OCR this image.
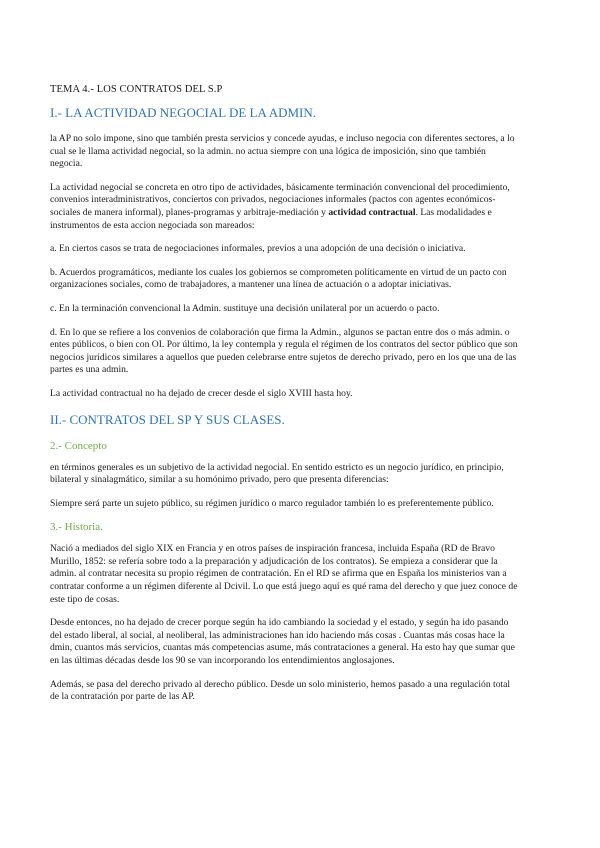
TEMA 4.- LOS CONTRATOS DEL S.P
I.- LA ACTIVIDAD NEGOCIAL DE LA ADMIN.

la AP no solo impone, sino que también presta servicios y concede ayudas, e incluso negocia con diferentes sectores, a lo cual se le llama actividad negocial, so la admin. no actua siempre con una lógica de imposición, sino que también negocia.

La actividad negocial se concreta en otro tipo de actividades, básicamente terminación convencional del procedimiento, convenios interadministrativos, conciertos con privados, negociaciones informales (pactos con agentes económicos-sociales de manera informal), planes-programas y arbitraje-mediación y actividad contractual. Las modalidades e instrumentos de esta accion negociada son mareados:

a. En ciertos casos se trata de negociaciones informales, previos a una adopción de una decisión o iniciativa.

b. Acuerdos programáticos, mediante los cuales los gobiernos se comprometen políticamente en virtud de un pacto con organizaciones sociales, como de trabajadores, a mantener una línea de actuación o a adoptar iniciativas.

c. En la terminación convencional la Admin. sustituye una decisión unilateral por un acuerdo o pacto.

d. En lo que se refiere a los convenios de colaboración que firma la Admin., algunos se pactan entre dos o más admin. o entes públicos, o bien con OI. Por último, la ley contempla y regula el régimen de los contratos del sector público que son negocios jurídicos similares a aquellos que pueden celebrarse entre sujetos de derecho privado, pero en los que una de las partes es una admin.

La actividad contractual no ha dejado de crecer desde el siglo XVIII hasta hoy.

II.- CONTRATOS DEL SP Y SUS CLASES.
2.- Concepto

en términos generales es un subjetivo de la actividad negocial. En sentido estricto es un negocio jurídico, en principio, bilateral y sinalagmático, similar a su homónimo privado, pero que presenta diferencias:

Siempre será parte un sujeto público, su régimen jurídico o marco regulador también lo es preferentemente público.

3.- Historia.

Nació a mediados del siglo XIX en Francia y en otros países de inspiración francesa, incluida España (RD de Bravo Murillo, 1852: se refería sobre todo a la preparación y adjudicación de los contratos). Se empieza a considerar que la admin. al contratar necesita su propio régimen de contratación. En el RD se afirma que en España los ministerios van a contratar conforme a un régimen diferente al Dcivil. Lo que está juego aquí es qué rama del derecho y que juez conoce de este tipo de cosas.

Desde entonces, no ha dejado de crecer porque según ha ido cambiando la sociedad y el estado, y según ha ido pasando del estado liberal, al social, al neoliberal, las administraciones han ido haciendo más cosas . Cuantas más cosas hace la dmin, cuantos más servicios, cuantas más competencias asume, más contrataciones a general. Ha esto hay que sumar que en las últimas décadas desde los 90 se van incorporando los entendimientos anglosajones.

Además, se pasa del derecho privado al derecho público. Desde un solo ministerio, hemos pasado a una regulación total de la contratación por parte de las AP.
